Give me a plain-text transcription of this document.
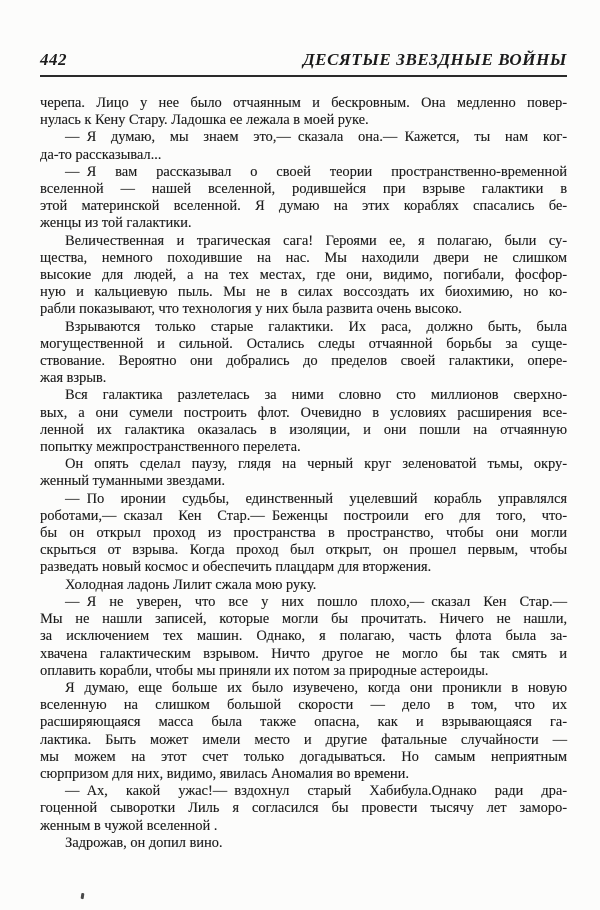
442	ДЕСЯТЫЕ ЗВЕЗДНЫЕ ВОЙНЫ
черепа. Лицо у нее было отчаянным и бескровным. Она медленно повер-
нулась к Кену Стару. Ладошка ее лежала в моей руке.
— Я думаю, мы знаем это,— сказала она.— Кажется, ты нам ког-
да-то рассказывал...
— Я вам рассказывал о своей теории пространственно-временной
вселенной — нашей вселенной, родившейся при взрыве галактики в
этой материнской вселенной. Я думаю на этих кораблях спасались бе-
женцы из той галактики.
Величественная и трагическая сага! Героями ее, я полагаю, были су-
щества, немного походившие на нас. Мы находили двери не слишком
высокие для людей, а на тех местах, где они, видимо, погибали, фосфор-
ную и кальциевую пыль. Мы не в силах воссоздать их биохимию, но ко-
рабли показывают, что технология у них была развита очень высоко.
Взрываются только старые галактики. Их раса, должно быть, была
могущественной и сильной. Остались следы отчаянной борьбы за суще-
ствование. Вероятно они добрались до пределов своей галактики, опере-
жая взрыв.
Вся галактика разлетелась за ними словно сто миллионов сверхно-
вых, а они сумели построить флот. Очевидно в условиях расширения все-
ленной их галактика оказалась в изоляции, и они пошли на отчаянную
попытку межпространственного перелета.
Он опять сделал паузу, глядя на черный круг зеленоватой тьмы, окру-
женный туманными звездами.
— По иронии судьбы, единственный уцелевший корабль управлялся
роботами,— сказал Кен Стар.— Беженцы построили его для того, что-
бы он открыл проход из пространства в пространство, чтобы они могли
скрыться от взрыва. Когда проход был открыт, он прошел первым, чтобы
разведать новый космос и обеспечить плацдарм для вторжения.
Холодная ладонь Лилит сжала мою руку.
— Я не уверен, что все у них пошло плохо,— сказал Кен Стар.—
Мы не нашли записей, которые могли бы прочитать. Ничего не нашли,
за исключением тех машин. Однако, я полагаю, часть флота была за-
хвачена галактическим взрывом. Ничто другое не могло бы так смять и
оплавить корабли, чтобы мы приняли их потом за природные астероиды.
Я думаю, еще больше их было изувечено, когда они проникли в новую
вселенную на слишком большой скорости — дело в том, что их
расширяющаяся масса была также опасна, как и взрывающаяся га-
лактика. Быть может имели место и другие фатальные случайности —
мы можем на этот счет только догадываться. Но самым неприятным
сюрпризом для них, видимо, явилась Аномалия во времени.
— Ах, какой ужас!— вздохнул старый Хабибула.Однако ради дра-
гоценной сыворотки Лиль я согласился бы провести тысячу лет заморо-
женным в чужой вселенной .
Задрожав, он допил вино.
